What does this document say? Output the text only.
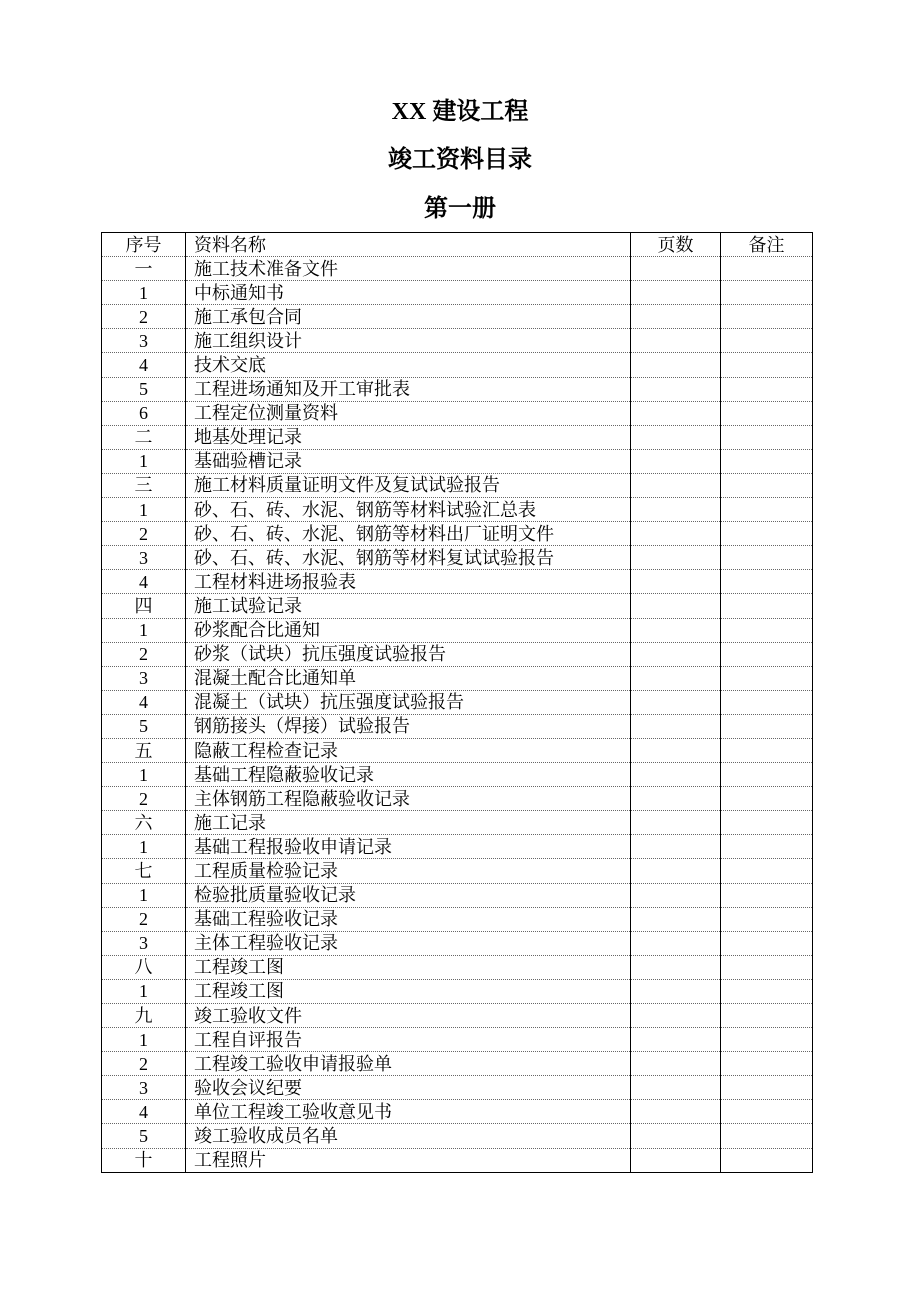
XX 建设工程
竣工资料目录
第一册
序号	资料名称	页数	备注
一	施工技术准备文件		
1	中标通知书		
2	施工承包合同		
3	施工组织设计		
4	技术交底		
5	工程进场通知及开工审批表		
6	工程定位测量资料		
二	地基处理记录		
1	基础验槽记录		
三	施工材料质量证明文件及复试试验报告		
1	砂、石、砖、水泥、钢筋等材料试验汇总表		
2	砂、石、砖、水泥、钢筋等材料出厂证明文件		
3	砂、石、砖、水泥、钢筋等材料复试试验报告		
4	工程材料进场报验表		
四	施工试验记录		
1	砂浆配合比通知		
2	砂浆（试块）抗压强度试验报告		
3	混凝土配合比通知单		
4	混凝土（试块）抗压强度试验报告		
5	钢筋接头（焊接）试验报告		
五	隐蔽工程检查记录		
1	基础工程隐蔽验收记录		
2	主体钢筋工程隐蔽验收记录		
六	施工记录		
1	基础工程报验收申请记录		
七	工程质量检验记录		
1	检验批质量验收记录		
2	基础工程验收记录		
3	主体工程验收记录		
八	工程竣工图		
1	工程竣工图		
九	竣工验收文件		
1	工程自评报告		
2	工程竣工验收申请报验单		
3	验收会议纪要		
4	单位工程竣工验收意见书		
5	竣工验收成员名单		
十	工程照片		
